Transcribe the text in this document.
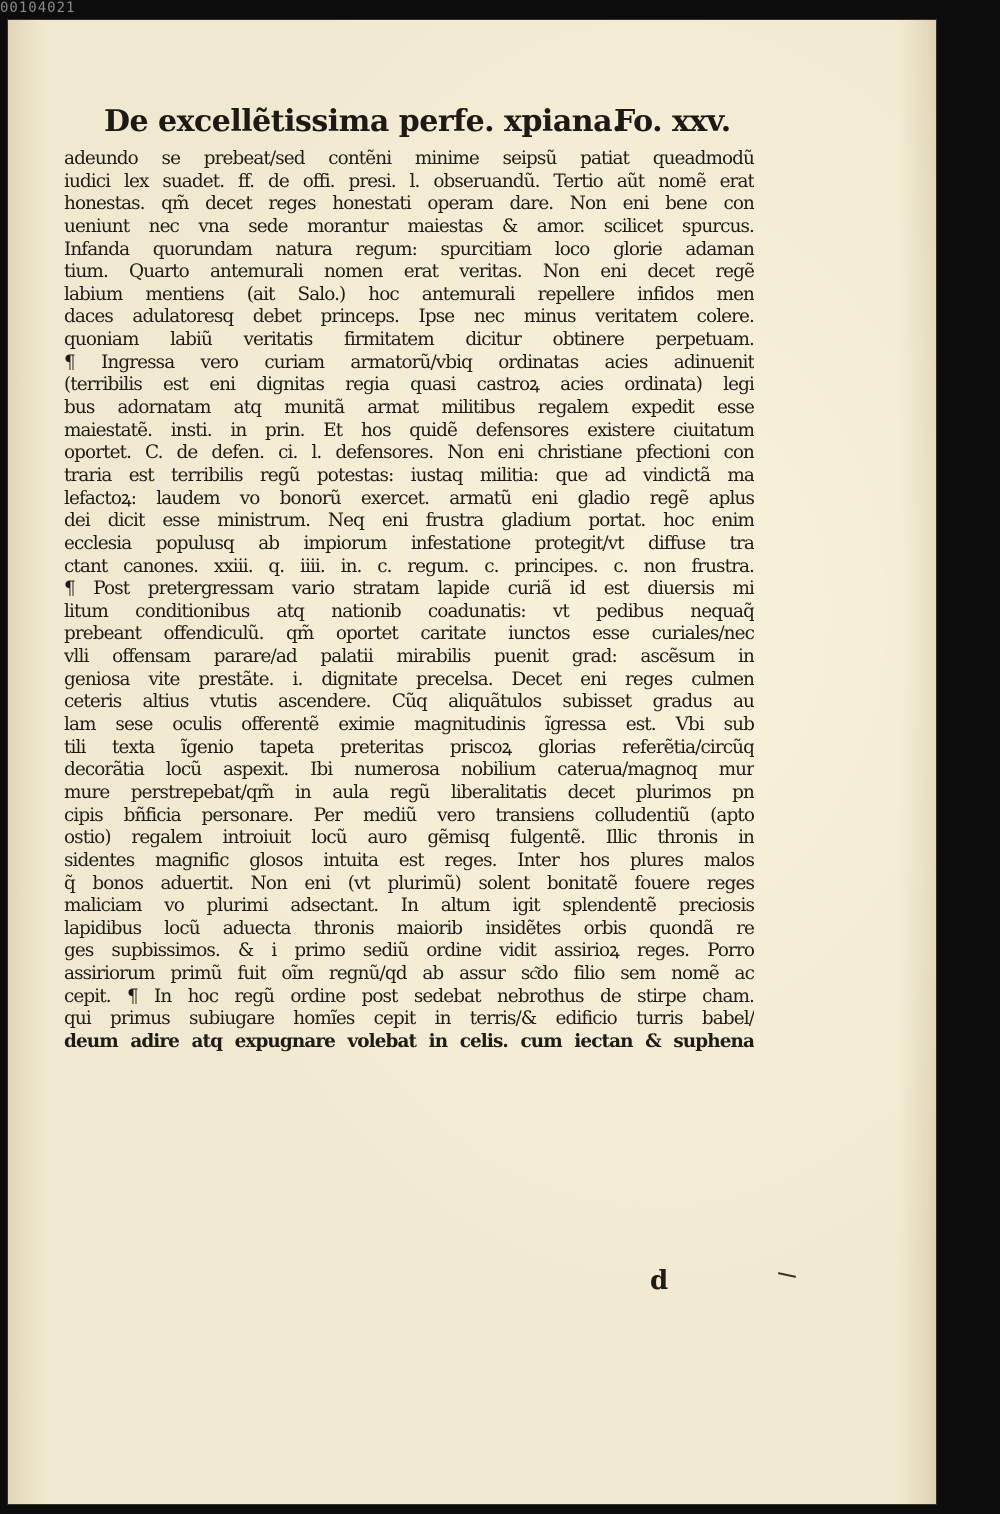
00104021
De excellẽtissima perfe. xpiana.
Fo. xxv.
adeundo se prebeat/sed contẽni minime seipsũ patiat queadmodũ
iudici lex suadet. ff. de offi. presi. l. obseruandũ. Tertio aũt nomẽ erat
honestas. qm̃ decet reges honestati operam dare. Non eni bene con
ueniunt nec vna sede morantur maiestas & amor. scilicet spurcus.
Infanda quorundam natura regum: spurcitiam loco glorie adaman
tium. Quarto antemurali nomen erat veritas. Non eni decet regẽ
labium mentiens (ait Salo.) hoc antemurali repellere infidos men
daces adulatoresq debet princeps. Ipse nec minus veritatem colere.
quoniam labiũ veritatis firmitatem dicitur obtinere perpetuam.
¶ Ingressa vero curiam armatorũ/vbiq ordinatas acies adinuenit
(terribilis est eni dignitas regia quasi castroꝝ acies ordinata) legi
bus adornatam atq munitã armat militibus regalem expedit esse
maiestatẽ. insti. in prin. Et hos quidẽ defensores existere ciuitatum
oportet. C. de defen. ci. l. defensores. Non eni christiane pfectioni con
traria est terribilis regũ potestas: iustaq militia: que ad vindictã ma
lefactoꝝ: laudem vo bonorũ exercet. armatũ eni gladio regẽ aplus
dei dicit esse ministrum. Neq eni frustra gladium portat. hoc enim
ecclesia populusq ab impiorum infestatione protegit/vt diffuse tra
ctant canones. xxiii. q. iiii. in. c. regum. c. principes. c. non frustra.
¶ Post pretergressam vario stratam lapide curiã id est diuersis mi
litum conditionibus atq nationib coadunatis: vt pedibus nequaq̃
prebeant offendiculũ. qm̃ oportet caritate iunctos esse curiales/nec
vlli offensam parare/ad palatii mirabilis puenit grad: ascẽsum in
geniosa vite prestãte. i. dignitate precelsa. Decet eni reges culmen
ceteris altius vtutis ascendere. Cũq aliquãtulos subisset gradus au
lam sese oculis offerentẽ eximie magnitudinis ĩgressa est. Vbi sub
tili texta ĩgenio tapeta preteritas priscoꝝ glorias referẽtia/circũq
decorãtia locũ aspexit. Ibi numerosa nobilium caterua/magnoq mur
mure perstrepebat/qm̃ in aula regũ liberalitatis decet plurimos pn
cipis bñficia personare. Per mediũ vero transiens colludentiũ (apto
ostio) regalem introiuit locũ auro gẽmisq fulgentẽ. Illic thronis in
sidentes magnific glosos intuita est reges. Inter hos plures malos
q̃ bonos aduertit. Non eni (vt plurimũ) solent bonitatẽ fouere reges
maliciam vo plurimi adsectant. In altum igit splendentẽ preciosis
lapidibus locũ aduecta thronis maiorib insidẽtes orbis quondã re
ges supbissimos. & i primo sediũ ordine vidit assirioꝝ reges. Porro
assiriorum primũ fuit oĩm regnũ/qd ab assur sc͂do filio sem nomẽ ac
cepit. ¶ In hoc regũ ordine post sedebat nebrothus de stirpe cham.
qui primus subiugare homĩes cepit in terris/& edificio turris babel/
deum adire atq expugnare volebat in celis. cum iectan & suphena
d
